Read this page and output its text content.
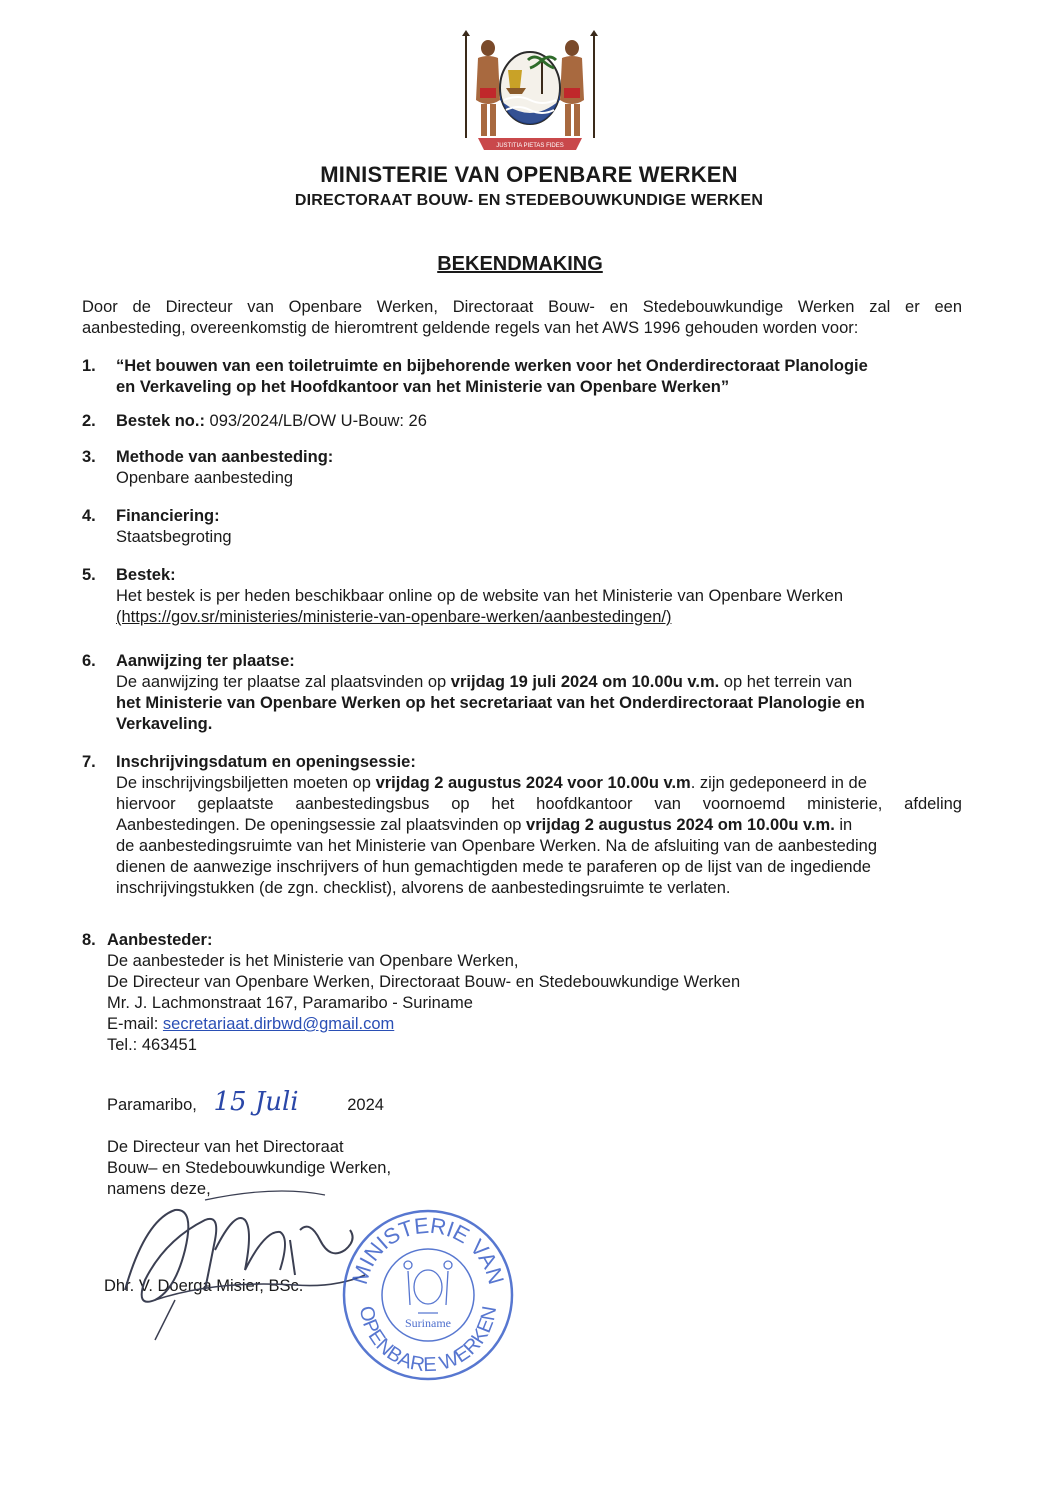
JUSTITIA PIETAS FIDES
MINISTERIE VAN OPENBARE WERKEN
DIRECTORAAT BOUW- EN STEDEBOUWKUNDIGE WERKEN
BEKENDMAKING
Door de Directeur van Openbare Werken, Directoraat Bouw- en Stedebouwkundige Werken zal er een
aanbesteding, overeenkomstig de hieromtrent geldende regels van het AWS 1996 gehouden worden voor:
1. “Het bouwen van een toiletruimte en bijbehorende werken voor het Onderdirectoraat Planologie
en Verkaveling op het Hoofdkantoor van het Ministerie van Openbare Werken”
2. Bestek no.: 093/2024/LB/OW U-Bouw: 26
3. Methode van aanbesteding:
Openbare aanbesteding
4. Financiering:
Staatsbegroting
5. Bestek:
Het bestek is per heden beschikbaar online op de website van het Ministerie van Openbare Werken
(https://gov.sr/ministeries/ministerie-van-openbare-werken/aanbestedingen/)
6. Aanwijzing ter plaatse:
De aanwijzing ter plaatse zal plaatsvinden op vrijdag 19 juli 2024 om 10.00u v.m. op het terrein van
het Ministerie van Openbare Werken op het secretariaat van het Onderdirectoraat Planologie en
Verkaveling.
7. Inschrijvingsdatum en openingsessie:
De inschrijvingsbiljetten moeten op vrijdag 2 augustus 2024 voor 10.00u v.m. zijn gedeponeerd in de
hiervoor geplaatste aanbestedingsbus op het hoofdkantoor van voornoemd ministerie, afdeling
Aanbestedingen. De openingsessie zal plaatsvinden op vrijdag 2 augustus 2024 om 10.00u v.m. in
de aanbestedingsruimte van het Ministerie van Openbare Werken. Na de afsluiting van de aanbesteding
dienen de aanwezige inschrijvers of hun gemachtigden mede te paraferen op de lijst van de ingediende
inschrijvingstukken (de zgn. checklist), alvorens de aanbestedingsruimte te verlaten.
8. Aanbesteder:
De aanbesteder is het Ministerie van Openbare Werken,
De Directeur van Openbare Werken, Directoraat Bouw- en Stedebouwkundige Werken
Mr. J. Lachmonstraat 167, Paramaribo - Suriname
E-mail: secretariaat.dirbwd@gmail.com
Tel.: 463451
Paramaribo, 15 Juli	2024
De Directeur van het Directoraat
Bouw– en Stedebouwkundige Werken,
namens deze,
Dhr. V. Doerga Misier, BSc. MINISTERIE VAN
OPENBARE WERKEN
Suriname
